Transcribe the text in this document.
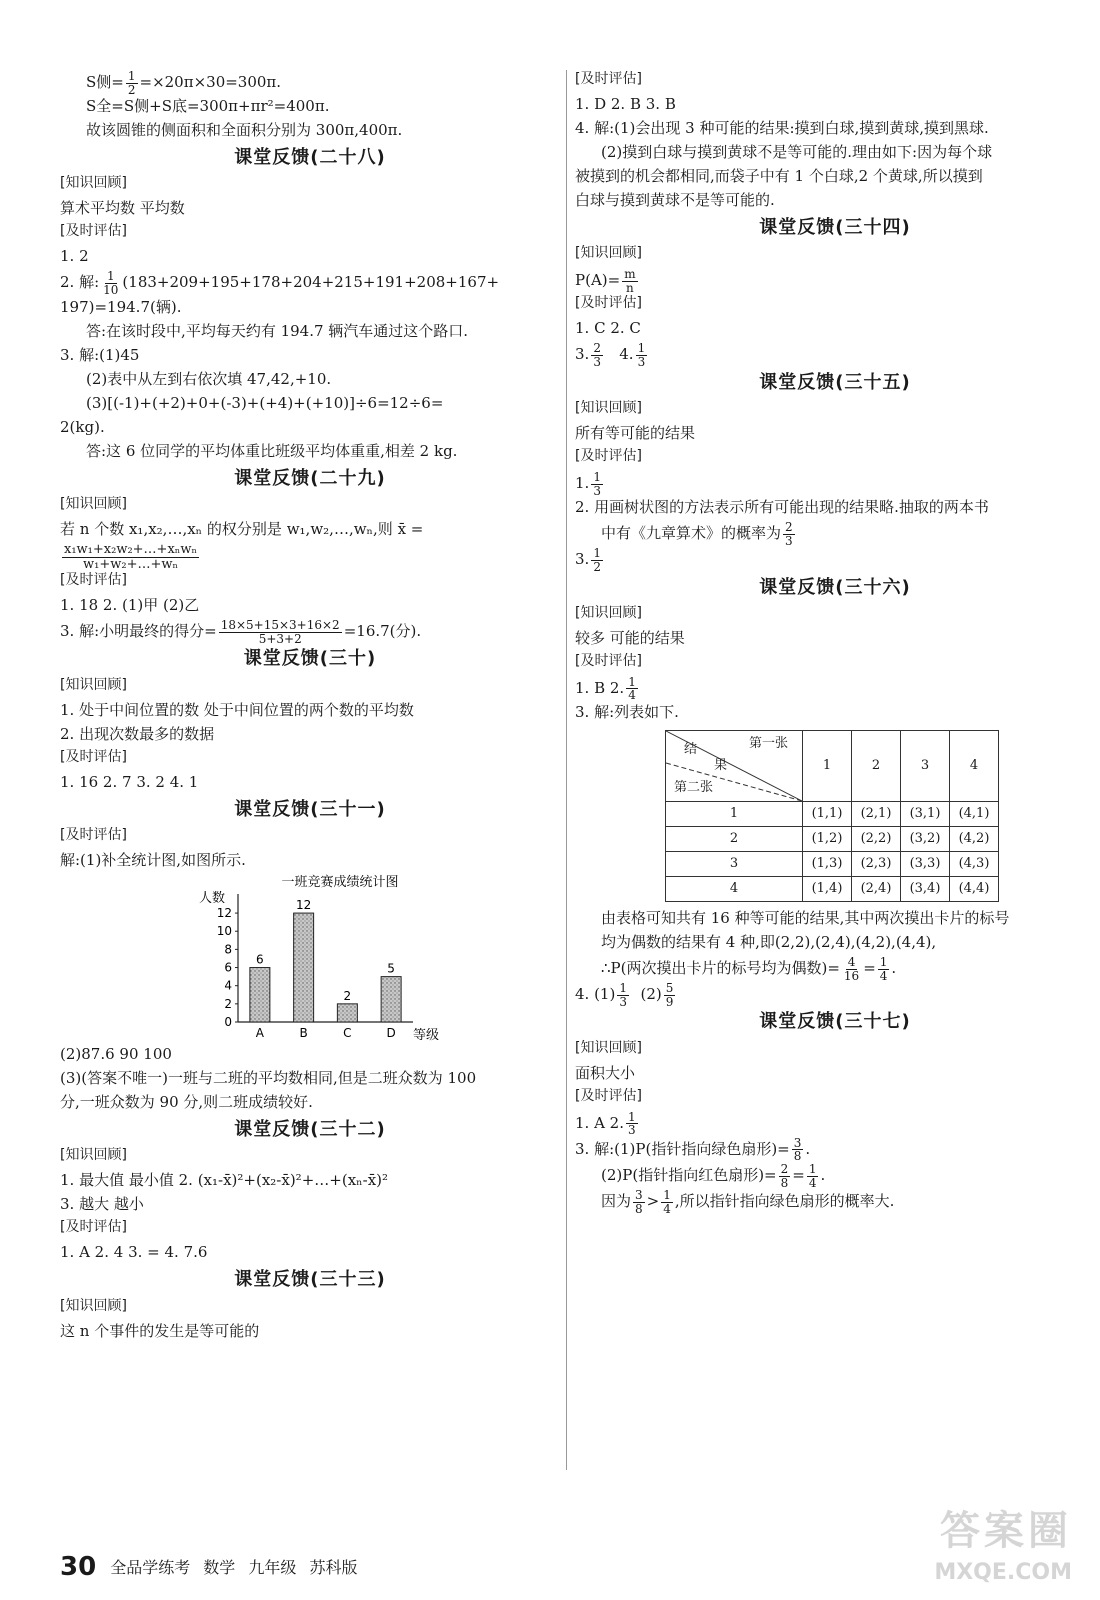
S侧= $\frac{1}{2} =\times 20\pi\times 30=300\pi$.

S全=S侧+S底=300π+πr²=400π.

故该圆锥的侧面积和全面积分别为 300π,400π.

课堂反馈(二十八)

[知识回顾]

算术平均数 平均数

[及时评估]

1. 2

2. 解: $\frac{1}{10} (183+209+195+178+204+215+191+208+167+$

197)=194.7(辆).

答:在该时段中,平均每天约有 194.7 辆汽车通过这个路口.

3. 解:(1)45

(2)表中从左到右依次填 47,42,+10.

(3)[(-1)+(+2)+0+(-3)+(+4)+(+10)]÷6=12÷6=

2(kg).

答:这 6 位同学的平均体重比班级平均体重重,相差 2 kg.

课堂反馈(二十九)

[知识回顾]

若 n 个数 x₁,x₂,…,xₙ 的权分别是 w₁,w₂,…,wₙ,则 x̄ =

$\frac{\text{x₁w₁+x₂w₂+…+xₙwₙ}}{\text{w₁+w₂+…+wₙ}}$

[及时评估]

1. 18 2. (1)甲 (2)乙

3. 解:小明最终的得分= $\frac{18\times 5+15\times 3+16\times 2}{5+3+2} =16.7$(分).

课堂反馈(三十)

[知识回顾]

1. 处于中间位置的数 处于中间位置的两个数的平均数

2. 出现次数最多的数据

[及时评估]

1. 16 2. 7 3. 2 4. 1

课堂反馈(三十一)

[及时评估]

解:(1)补全统计图,如图所示.

一班竞赛成绩统计图
人数
0
2
4
6
8
10
12
6
A
12
B
2
C
5
D 等级

(2)87.6 90 100

(3)(答案不唯一)一班与二班的平均数相同,但是二班众数为 100

分,一班众数为 90 分,则二班成绩较好.

课堂反馈(三十二)

[知识回顾]

1. 最大值 最小值 2. (x₁-x̄)²+(x₂-x̄)²+…+(xₙ-x̄)²

3. 越大 越小

[及时评估]

1. A 2. 4 3. = 4. 7.6

课堂反馈(三十三)

[知识回顾]

这 n 个事件的发生是等可能的

[及时评估]

1. D 2. B 3. B

4. 解:(1)会出现 3 种可能的结果:摸到白球,摸到黄球,摸到黑球.

(2)摸到白球与摸到黄球不是等可能的.理由如下:因为每个球

被摸到的机会都相同,而袋子中有 1 个白球,2 个黄球,所以摸到

白球与摸到黄球不是等可能的.

课堂反馈(三十四)

[知识回顾]

$P(A)= \frac{m}{n}$

[及时评估]

1. C 2. C

3. $\frac{2}{3} 4$. $\frac{1}{3}$

课堂反馈(三十五)

[知识回顾]

所有等可能的结果

[及时评估]

1. $\frac{1}{3}$

2. 用画树状图的方法表示所有可能出现的结果略.抽取的两本书

中有《九章算术》的概率为 $\frac{2}{3}$

3. $\frac{1}{2}$

课堂反馈(三十六)

[知识回顾]

较多 可能的结果

[及时评估]

1. B 2. $\frac{1}{4}$

3. 解:列表如下.

第一张
结
果
第二张	1	2	3	4
1	(1,1)	(2,1)	(3,1)	(4,1)
2	(1,2)	(2,2)	(3,2)	(4,2)
3	(1,3)	(2,3)	(3,3)	(4,3)
4	(1,4)	(2,4)	(3,4)	(4,4)

由表格可知共有 16 种等可能的结果,其中两次摸出卡片的标号

均为偶数的结果有 4 种,即(2,2),(2,4),(4,2),(4,4),

∴P(两次摸出卡片的标号均为偶数)= $\frac{4}{16} = \frac{1}{4}$ .

4. $(1) \frac{1}{3} (2) \frac{5}{9}$

课堂反馈(三十七)

[知识回顾]

面积大小

[及时评估]

1. A 2. $\frac{1}{3}$

3. 解:(1)P(指针指向绿色扇形)= $\frac{3}{8}$ .

(2)P(指针指向红色扇形)= $\frac{2}{8} = \frac{1}{4}$ .

因为 $\frac{3}{8} > \frac{1}{4}$ ,所以指针指向绿色扇形的概率大.

30 全品学练考 数学 九年级 苏科版
答案圈
MXQE.COM
